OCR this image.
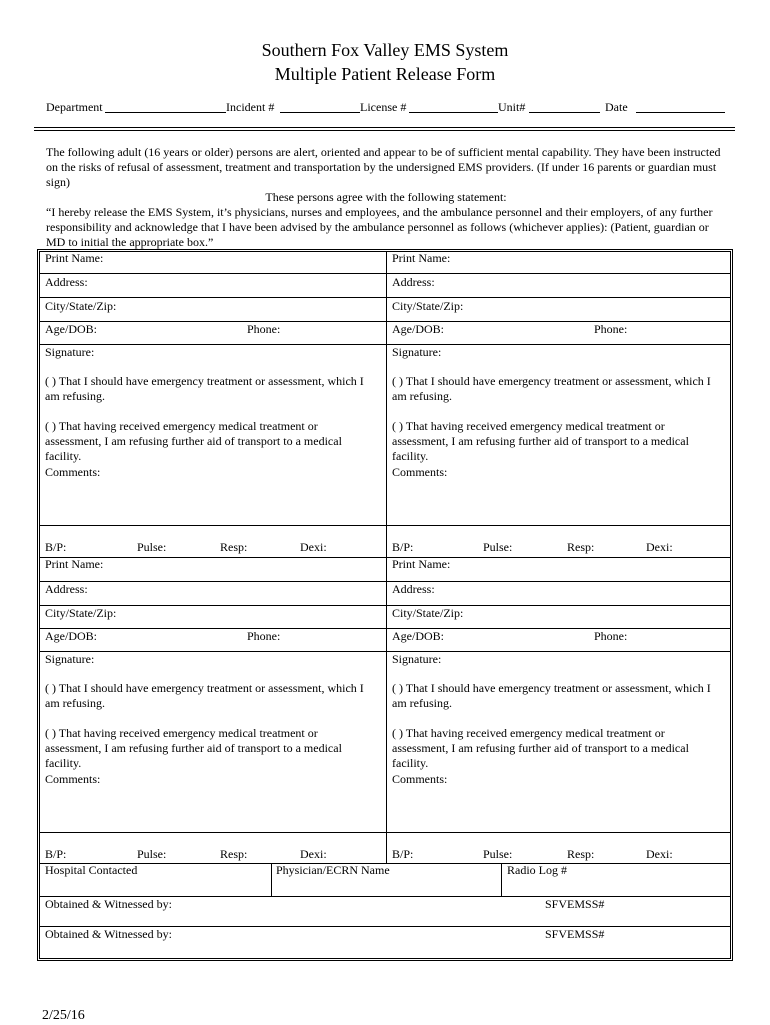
Southern Fox Valley EMS System
Multiple Patient Release Form
Department	Incident #	License #	Unit#	Date

The following adult (16 years or older) persons are alert, oriented and appear to be of sufficient mental capability. They have been instructed on the risks of refusal of assessment, treatment and transportation by the undersigned EMS providers. (If under 16 parents or guardian must sign)

These persons agree with the following statement:

“I hereby release the EMS System, it’s physicians, nurses and employees, and the ambulance personnel and their employers, of any further responsibility and acknowledge that I have been advised by the ambulance personnel as follows (whichever applies): (Patient, guardian or MD to initial the appropriate box.”

Print Name:
Address:
City/State/Zip:
Age/DOB:	Phone:
Signature:
( ) That I should have emergency treatment or assessment, which I am refusing.
( ) That having received emergency medical treatment or assessment, I am refusing further aid of transport to a medical facility.
Comments:
B/P:	Pulse:	Resp:	Dexi:
Print Name:
Address:
City/State/Zip:
Age/DOB:	Phone:
Signature:
( ) That I should have emergency treatment or assessment, which I am refusing.
( ) That having received emergency medical treatment or assessment, I am refusing further aid of transport to a medical facility.
Comments:
B/P:	Pulse:	Resp:	Dexi:
Print Name:
Address:
City/State/Zip:
Age/DOB:	Phone:
Signature:
( ) That I should have emergency treatment or assessment, which I am refusing.
( ) That having received emergency medical treatment or assessment, I am refusing further aid of transport to a medical facility.
Comments:
B/P:	Pulse:	Resp:	Dexi:
Print Name:
Address:
City/State/Zip:
Age/DOB:	Phone:
Signature:
( ) That I should have emergency treatment or assessment, which I am refusing.
( ) That having received emergency medical treatment or assessment, I am refusing further aid of transport to a medical facility.
Comments:
B/P:	Pulse:	Resp:	Dexi:
Hospital Contacted	Physician/ECRN Name	Radio Log #
Obtained & Witnessed by:	SFVEMSS#
Obtained & Witnessed by:	SFVEMSS#
2/25/16
